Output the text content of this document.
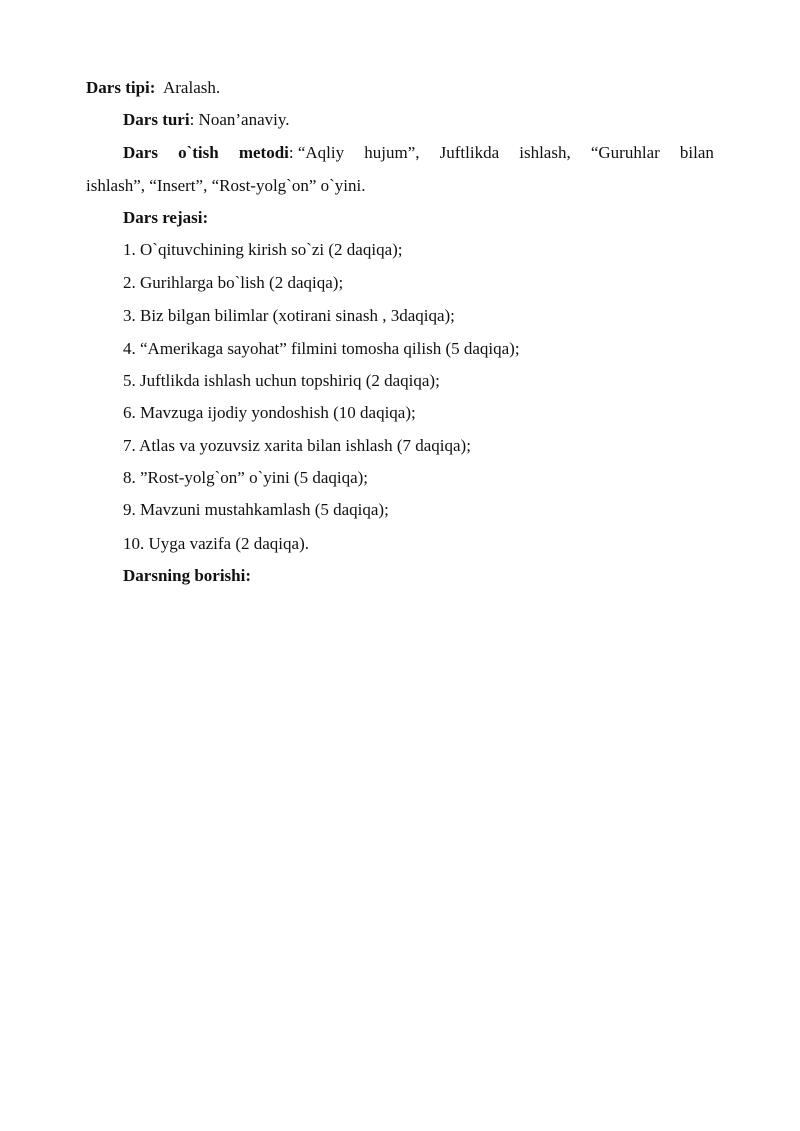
Dars tipi: Aralash.
Dars turi: Noan’anaviy.
Dars o`tish metodi: “Aqliy hujum”, Juftlikda ishlash, “Guruhlar bilan
ishlash”, “Insert”, “Rost-yolg`on” o`yini.
Dars rejasi:
1. O`qituvchining kirish so`zi (2 daqiqa);
2. Gurihlarga bo`lish (2 daqiqa);
3. Biz bilgan bilimlar (xotirani sinash , 3daqiqa);
4. “Amerikaga sayohat” filmini tomosha qilish (5 daqiqa);
5. Juftlikda ishlash uchun topshiriq (2 daqiqa);
6. Mavzuga ijodiy yondoshish (10 daqiqa);
7. Atlas va yozuvsiz xarita bilan ishlash (7 daqiqa);
8. ”Rost-yolg`on” o`yini (5 daqiqa);
9. Mavzuni mustahkamlash (5 daqiqa);
10. Uyga vazifa (2 daqiqa).
Darsning borishi:
